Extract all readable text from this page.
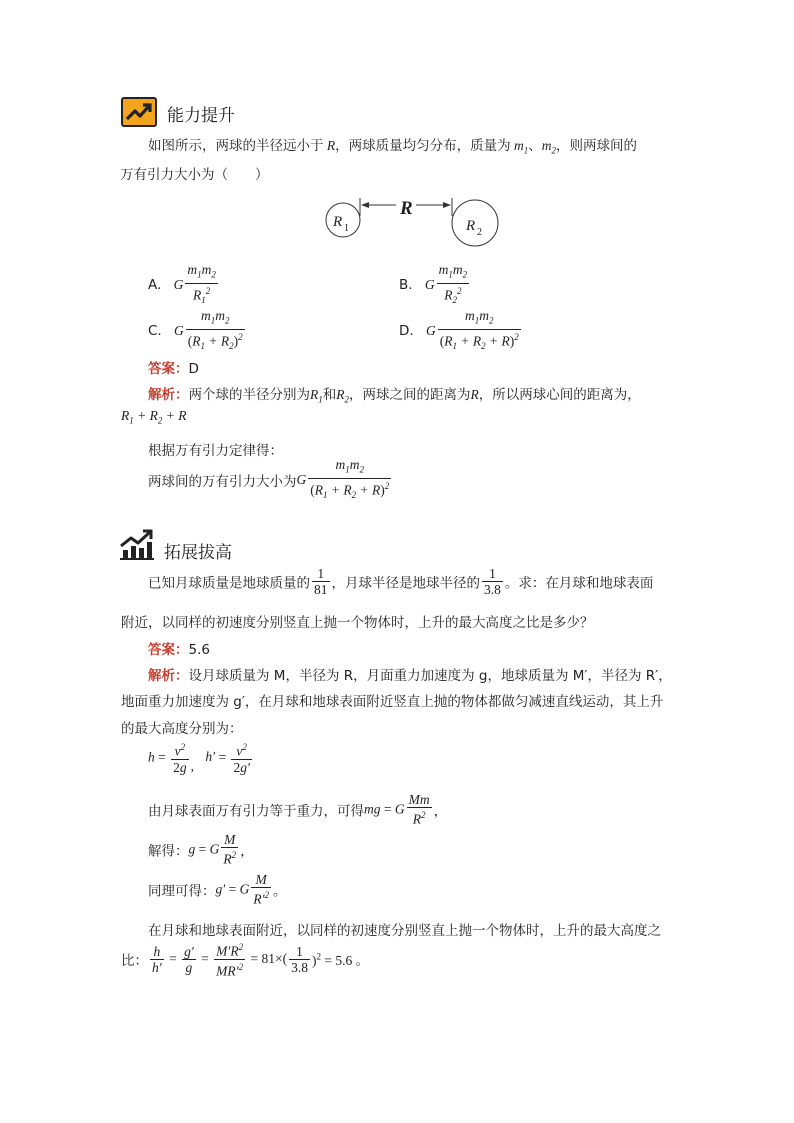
能力提升
如图所示，两球的半径远小于 R，两球质量均匀分布，质量为 $m_1$、$m_2$，则两球间的
万有引力大小为（　　）
R
R 1	R 2
A. G $\frac{m_1m_2}{R_1^2}$	B. G $\frac{m_1m_2}{R_2^2}$
C. G $\frac{m_1m_2}{(R_1 + R_2)^2}$	D. G $\frac{m_1m_2}{(R_1 + R_2 + R)^2}$
答案：D
解析：两个球的半径分别为$R_1$和$R_2$，两球之间的距离为R，所以两球心间的距离为，
$R_1 + R_2 + R$
根据万有引力定律得：
两球间的万有引力大小为G $\frac{m_1m_2}{(R_1 + R_2 + R)^2}$
拓展拔高
已知月球质量是地球质量的 $\frac{1}{81}$ ，月球半径是地球半径的 $\frac{1}{3.8}$ 。求：在月球和地球表面
附近，以同样的初速度分别竖直上抛一个物体时，上升的最大高度之比是多少？
答案：5.6
解析：设月球质量为 M，半径为 R，月面重力加速度为 g，地球质量为 M′，半径为 R′，
地面重力加速度为 g′，在月球和地球表面附近竖直上抛的物体都做匀减速直线运动，其上升
的最大高度分别为：
$h = \frac{v^2}{2g}$ , $h' = \frac{v^2}{2g'}$
由月球表面万有引力等于重力，可得mg = G $\frac{Mm}{R^2}$ ，
解得：g = G $\frac{M}{R^2}$ ，
同理可得：g′ = G $\frac{M}{R'^2}$ 。
在月球和地球表面附近，以同样的初速度分别竖直上抛一个物体时，上升的最大高度之
比： $\frac{h}{h'} = \frac{g'}{g} = \frac{M'R^2}{MR'^2} = 81\times( \frac{1}{3.8} )^2 = 5.6$ 。
